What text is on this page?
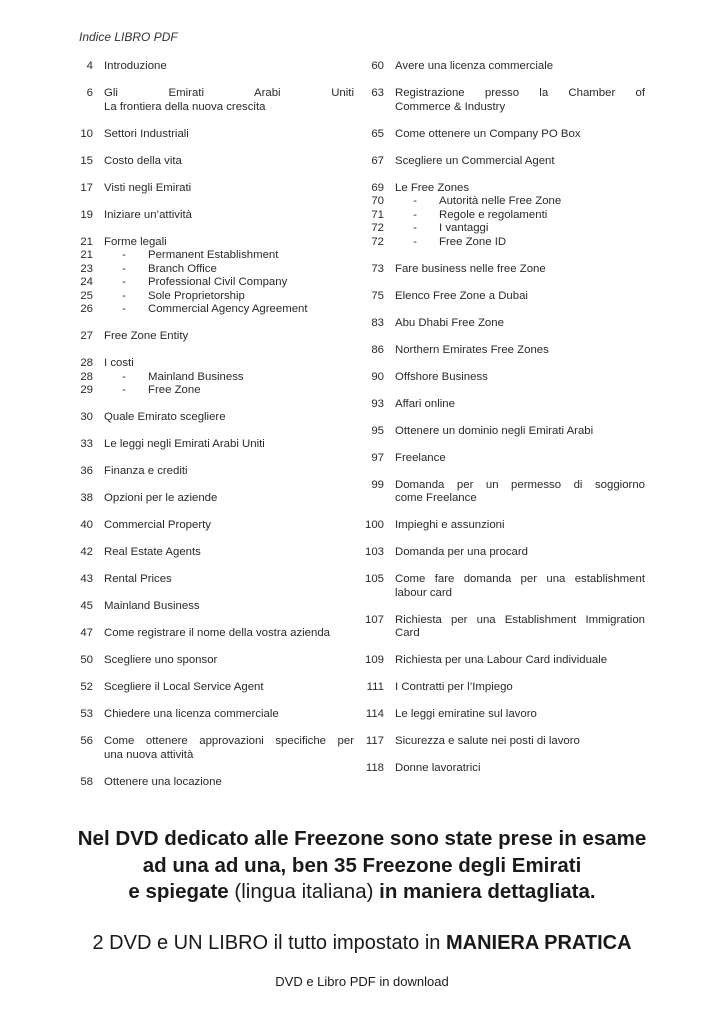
Indice LIBRO PDF
4 Introduzione
6 Gli Emirati Arabi Uniti
La frontiera della nuova crescita
10 Settori Industriali
15 Costo della vita
17 Visti negli Emirati
19 Iniziare un’attività
21 Forme legali
21	-	Permanent Establishment
23	-	Branch Office
24	-	Professional Civil Company
25	-	Sole Proprietorship
26	-	Commercial Agency Agreement
27 Free Zone Entity
28 I costi
28	-	Mainland Business
29	-	Free Zone
30 Quale Emirato scegliere
33 Le leggi negli Emirati Arabi Uniti
36 Finanza e crediti
38 Opzioni per le aziende
40 Commercial Property
42 Real Estate Agents
43 Rental Prices
45 Mainland Business
47 Come registrare il nome della vostra azienda
50 Scegliere uno sponsor
52 Scegliere il Local Service Agent
53 Chiedere una licenza commerciale
56 Come ottenere approvazioni specifiche per
una nuova attività
58 Ottenere una locazione
60 Avere una licenza commerciale
63 Registrazione presso la Chamber of
Commerce & Industry
65 Come ottenere un Company PO Box
67 Scegliere un Commercial Agent
69 Le Free Zones
70	-	Autorità nelle Free Zone
71	-	Regole e regolamenti
72	-	I vantaggi
72	-	Free Zone ID
73 Fare business nelle free Zone
75 Elenco Free Zone a Dubai
83 Abu Dhabi Free Zone
86 Northern Emirates Free Zones
90 Offshore Business
93 Affari online
95 Ottenere un dominio negli Emirati Arabi
97 Freelance
99 Domanda per un permesso di soggiorno
come Freelance
100 Impieghi e assunzioni
103 Domanda per una procard
105 Come fare domanda per una establishment
labour card
107 Richiesta per una Establishment Immigration
Card
109 Richiesta per una Labour Card individuale
111 I Contratti per l’Impiego
114 Le leggi emiratine sul lavoro
117 Sicurezza e salute nei posti di lavoro
118 Donne lavoratrici
Nel DVD dedicato alle Freezone sono state prese in esame
ad una ad una, ben 35 Freezone degli Emirati
e spiegate (lingua italiana) in maniera dettagliata.
2 DVD e UN LIBRO il tutto impostato in MANIERA PRATICA
DVD e Libro PDF in download
